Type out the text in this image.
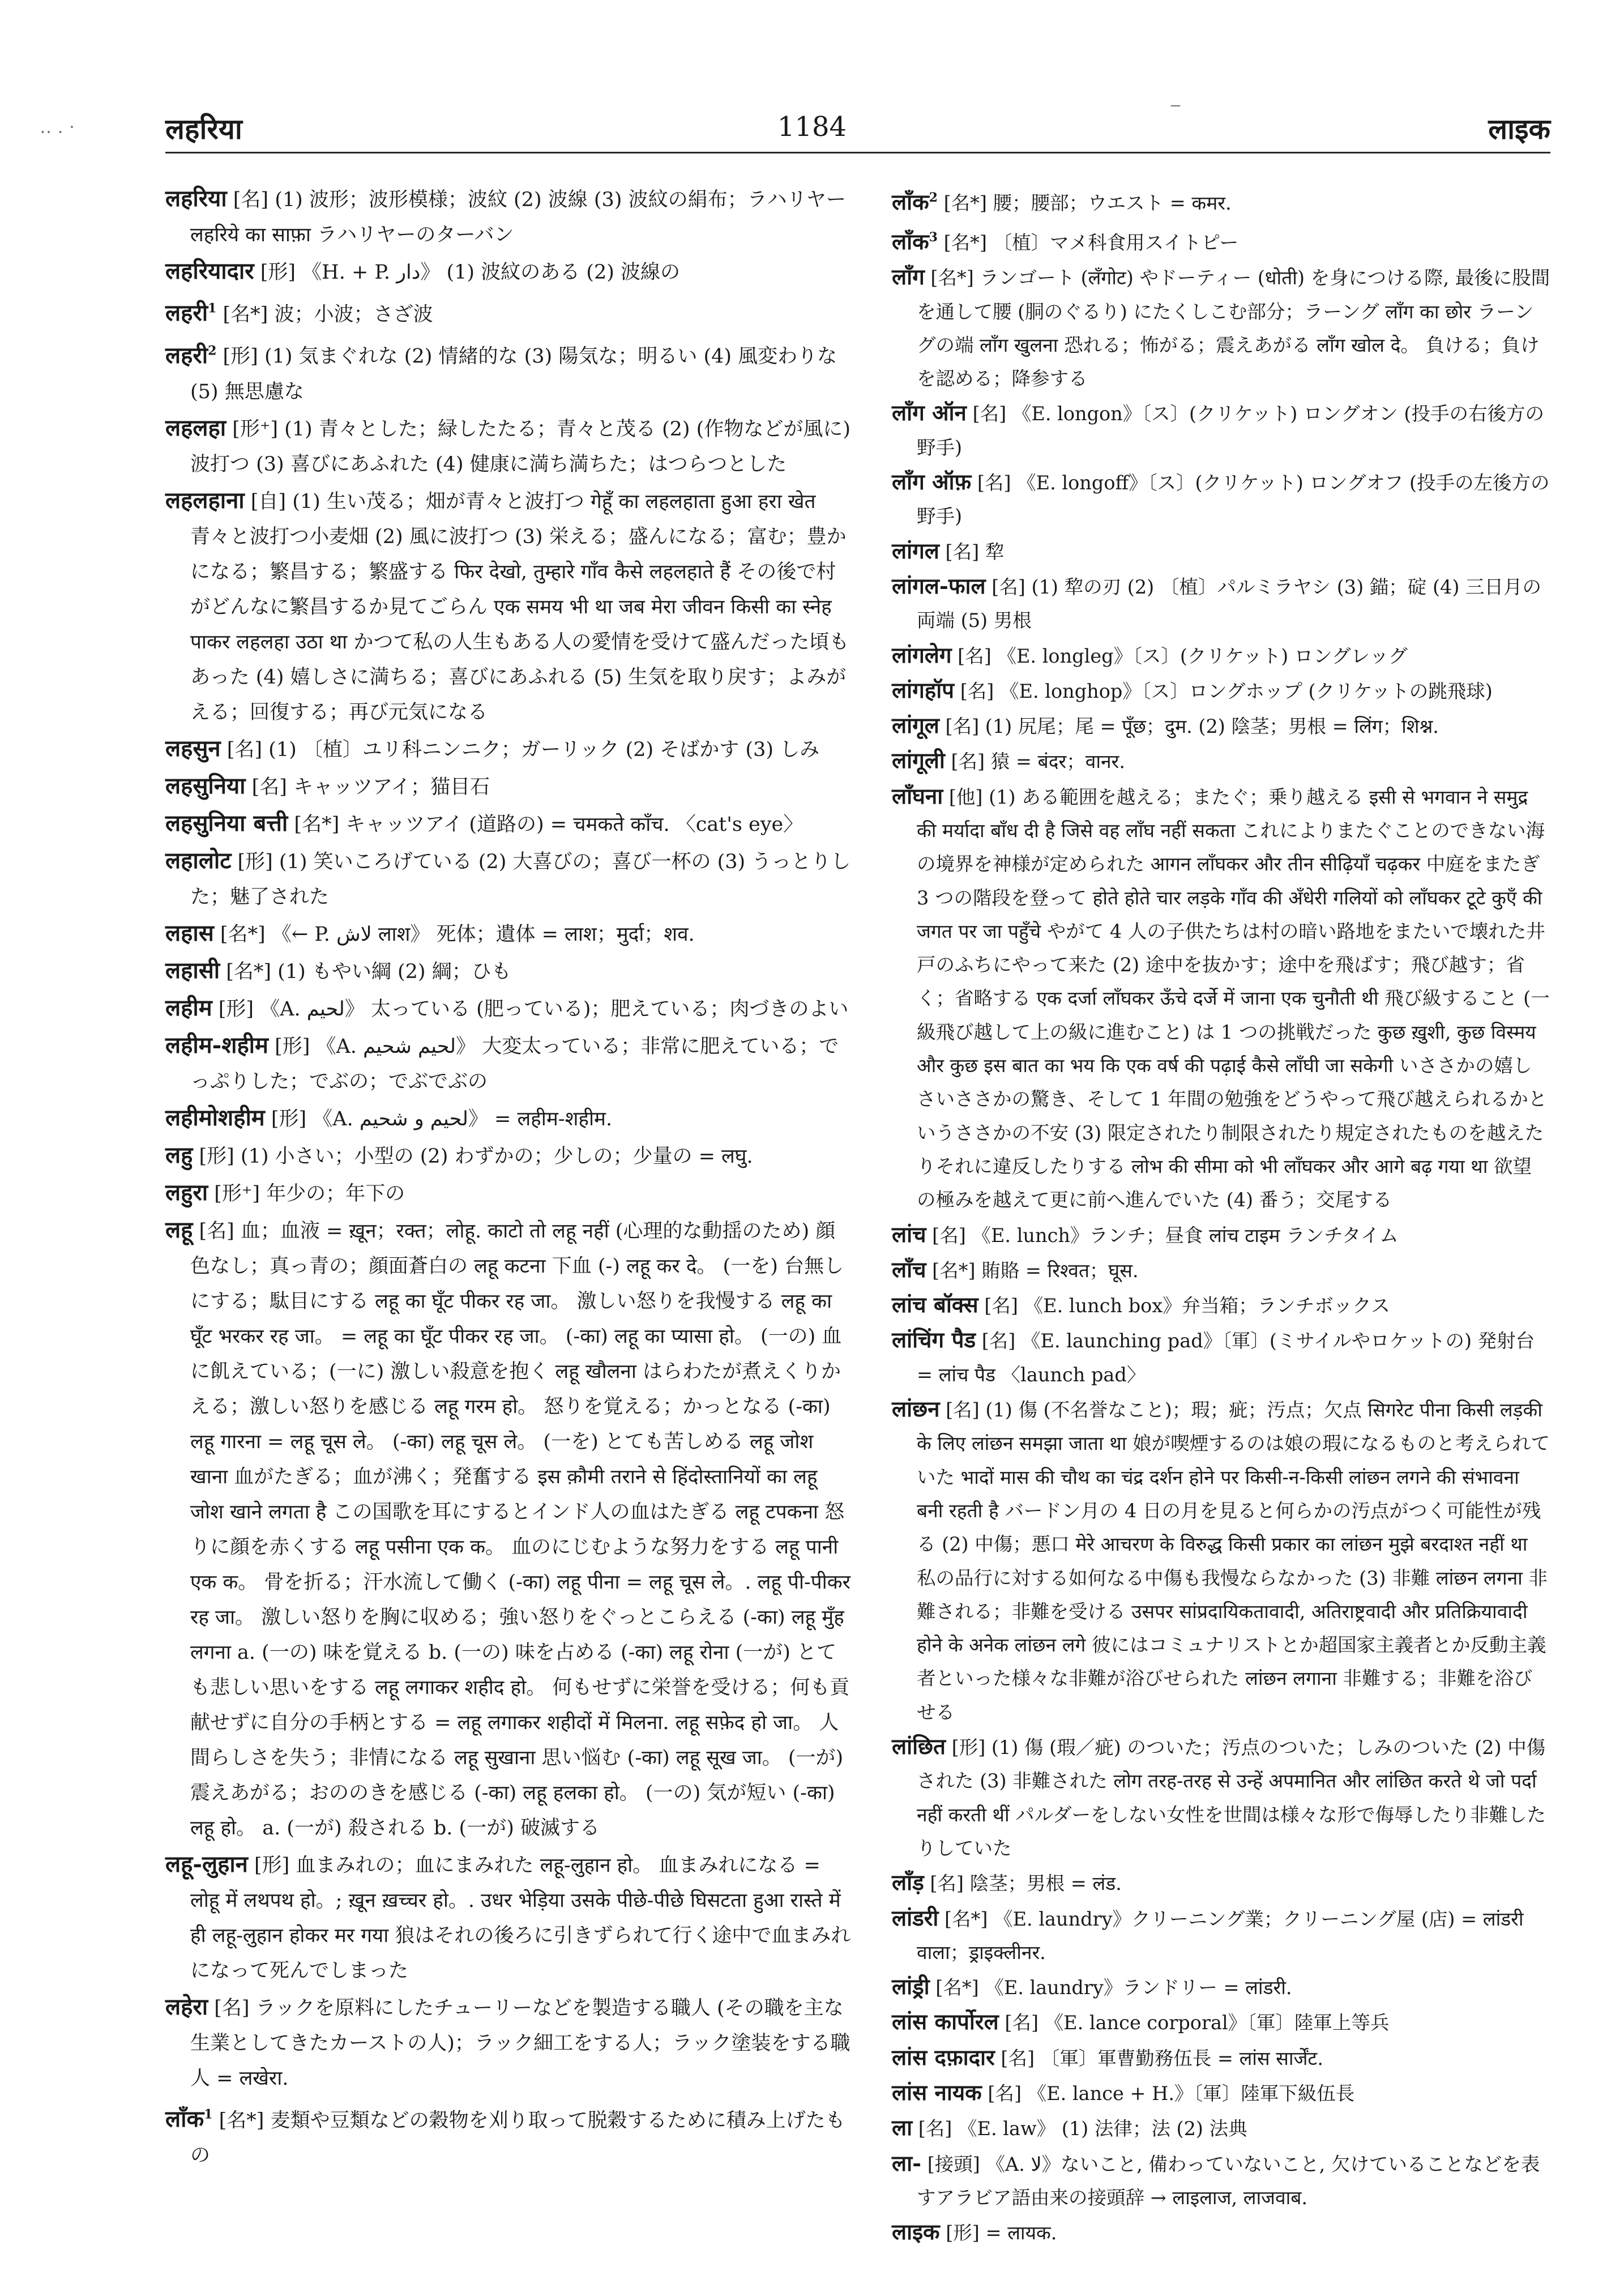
‥ . ·
‾
लहरिया	1184	लाइक

लहरिया [名] (1) 波形；波形模様；波紋 (2) 波線 (3) 波紋の絹布；ラハリヤー लहरिये का साफ़ा ラハリヤーのターバン

लहरियादार [形] 《H. + P. دار》 (1) 波紋のある (2) 波線の

लहरी$^1$ [名*] 波；小波；さざ波

लहरी$^2$ [形] (1) 気まぐれな (2) 情緒的な (3) 陽気な；明るい (4) 風変わりな (5) 無思慮な

लहलहा [形⁺] (1) 青々とした；緑したたる；青々と茂る (2) (作物などが風に) 波打つ (3) 喜びにあふれた (4) 健康に満ち満ちた；はつらつとした

लहलहाना [自] (1) 生い茂る；畑が青々と波打つ गेहूँ का लहलहाता हुआ हरा खेत 青々と波打つ小麦畑 (2) 風に波打つ (3) 栄える；盛んになる；富む；豊かになる；繁昌する；繁盛する फिर देखो, तुम्हारे गाँव कैसे लहलहाते हैं その後で村がどんなに繁昌するか見てごらん एक समय भी था जब मेरा जीवन किसी का स्नेह पाकर लहलहा उठा था かつて私の人生もある人の愛情を受けて盛んだった頃もあった (4) 嬉しさに満ちる；喜びにあふれる (5) 生気を取り戻す；よみがえる；回復する；再び元気になる

लहसुन [名] (1) 〔植〕ユリ科ニンニク；ガーリック (2) そばかす (3) しみ

लहसुनिया [名] キャッツアイ；猫目石

लहसुनिया बत्ती [名*] キャッツアイ (道路の) = चमकते काँच. 〈cat's eye〉

लहालोट [形] (1) 笑いころげている (2) 大喜びの；喜び一杯の (3) うっとりした；魅了された

लहास [名*] 《← P. لاش लाश》 死体；遺体 = लाश；मुर्दा；शव.

लहासी [名*] (1) もやい綱 (2) 綱；ひも

लहीम [形] 《A. لحیم》 太っている (肥っている)；肥えている；肉づきのよい

लहीम-शहीम [形] 《A. لحیم شحیم》 大変太っている；非常に肥えている；でっぷりした；でぶの；でぶでぶの

लहीमोशहीम [形] 《A. لحیم و شحیم》 = लहीम-शहीम.

लहु [形] (1) 小さい；小型の (2) わずかの；少しの；少量の = लघु.

लहुरा [形⁺] 年少の；年下の

लहू [名] 血；血液 = ख़ून；रक्त；लोहू. काटो तो लहू नहीं (心理的な動揺のため) 顔色なし；真っ青の；顔面蒼白の लहू कटना 下血 (-) लहू कर दे。 (一を) 台無しにする；駄目にする लहू का घूँट पीकर रह जा。 激しい怒りを我慢する लहू का घूँट भरकर रह जा。 = लहू का घूँट पीकर रह जा。 (-का) लहू का प्यासा हो。 (一の) 血に飢えている；(一に) 激しい殺意を抱く लहू खौलना はらわたが煮えくりかえる；激しい怒りを感じる लहू गरम हो。 怒りを覚える；かっとなる (-का) लहू गारना = लहू चूस ले。 (-का) लहू चूस ले。 (一を) とても苦しめる लहू जोश खाना 血がたぎる；血が沸く；発奮する इस क़ौमी तराने से हिंदोस्तानियों का लहू जोश खाने लगता है この国歌を耳にするとインド人の血はたぎる लहू टपकना 怒りに顔を赤くする लहू पसीना एक क。 血のにじむような努力をする लहू पानी एक क。 骨を折る；汗水流して働く (-का) लहू पीना = लहू चूस ले。. लहू पी-पीकर रह जा。 激しい怒りを胸に収める；強い怒りをぐっとこらえる (-का) लहू मुँह लगना a. (一の) 味を覚える b. (一の) 味を占める (-का) लहू रोना (一が) とても悲しい思いをする लहू लगाकर शहीद हो。 何もせずに栄誉を受ける；何も貢献せずに自分の手柄とする = लहू लगाकर शहीदों में मिलना. लहू सफ़ेद हो जा。 人間らしさを失う；非情になる लहू सुखाना 思い悩む (-का) लहू सूख जा。 (一が) 震えあがる；おののきを感じる (-का) लहू हलका हो。 (一の) 気が短い (-का) लहू हो。 a. (一が) 殺される b. (一が) 破滅する

लहू-लुहान [形] 血まみれの；血にまみれた लहू-लुहान हो。 血まみれになる = लोहू में लथपथ हो。; ख़ून ख़च्चर हो。. उधर भेड़िया उसके पीछे-पीछे घिसटता हुआ रास्ते में ही लहू-लुहान होकर मर गया 狼はそれの後ろに引きずられて行く途中で血まみれになって死んでしまった

लहेरा [名] ラックを原料にしたチューリーなどを製造する職人 (その職を主な生業としてきたカーストの人)；ラック細工をする人；ラック塗装をする職人 = लखेरा.

लाँक$^1$ [名*] 麦類や豆類などの穀物を刈り取って脱穀するために積み上げたもの

लाँक$^2$ [名*] 腰；腰部；ウエスト = कमर.

लाँक$^3$ [名*] 〔植〕マメ科食用スイトピー

लाँग [名*] ランゴート (लँगोट) やドーティー (धोती) を身につける際, 最後に股間を通して腰 (胴のぐるり) にたくしこむ部分；ラーング लाँग का छोर ラーングの端 लाँग खुलना 恐れる；怖がる；震えあがる लाँग खोल दे。 負ける；負けを認める；降参する

लाँग ऑन [名] 《E. longon》〔ス〕(クリケット) ロングオン (投手の右後方の野手)

लाँग ऑफ़ [名] 《E. longoff》〔ス〕(クリケット) ロングオフ (投手の左後方の野手)

लांगल [名] 犂

लांगल-फाल [名] (1) 犂の刃 (2) 〔植〕パルミラヤシ (3) 錨；碇 (4) 三日月の両端 (5) 男根

लांगलेग [名] 《E. longleg》〔ス〕(クリケット) ロングレッグ

लांगहॉप [名] 《E. longhop》〔ス〕ロングホップ (クリケットの跳飛球)

लांगूल [名] (1) 尻尾；尾 = पूँछ；दुम. (2) 陰茎；男根 = लिंग；शिश्न.

लांगूली [名] 猿 = बंदर；वानर.

लाँघना [他] (1) ある範囲を越える；またぐ；乗り越える इसी से भगवान ने समुद्र की मर्यादा बाँध दी है जिसे वह लाँघ नहीं सकता これによりまたぐことのできない海の境界を神様が定められた आगन लाँघकर और तीन सीढ़ियाँ चढ़कर 中庭をまたぎ 3 つの階段を登って होते होते चार लड़के गाँव की अँधेरी गलियों को लाँघकर टूटे कुएँ की जगत पर जा पहुँचे やがて 4 人の子供たちは村の暗い路地をまたいで壊れた井戸のふちにやって来た (2) 途中を抜かす；途中を飛ばす；飛び越す；省く；省略する एक दर्जा लाँघकर ऊँचे दर्जे में जाना एक चुनौती थी 飛び級すること (一級飛び越して上の級に進むこと) は 1 つの挑戦だった कुछ ख़ुशी, कुछ विस्मय और कुछ इस बात का भय कि एक वर्ष की पढ़ाई कैसे लाँघी जा सकेगी いささかの嬉しさいささかの驚き、そして 1 年間の勉強をどうやって飛び越えられるかというささかの不安 (3) 限定されたり制限されたり規定されたものを越えたりそれに違反したりする लोभ की सीमा को भी लाँघकर और आगे बढ़ गया था 欲望の極みを越えて更に前へ進んでいた (4) 番う；交尾する

लांच [名] 《E. lunch》ランチ；昼食 लांच टाइम ランチタイム

लाँच [名*] 賄賂 = रिश्वत；घूस.

लांच बॉक्स [名] 《E. lunch box》弁当箱；ランチボックス

लांचिंग पैड [名] 《E. launching pad》〔軍〕(ミサイルやロケットの) 発射台 = लांच पैड 〈launch pad〉

लांछन [名] (1) 傷 (不名誉なこと)；瑕；疵；汚点；欠点 सिगरेट पीना किसी लड़की के लिए लांछन समझा जाता था 娘が喫煙するのは娘の瑕になるものと考えられていた भादों मास की चौथ का चंद्र दर्शन होने पर किसी-न-किसी लांछन लगने की संभावना बनी रहती है バードン月の 4 日の月を見ると何らかの汚点がつく可能性が残る (2) 中傷；悪口 मेरे आचरण के विरुद्ध किसी प्रकार का लांछन मुझे बरदाश्त नहीं था 私の品行に対する如何なる中傷も我慢ならなかった (3) 非難 लांछन लगना 非難される；非難を受ける उसपर सांप्रदायिकतावादी, अतिराष्ट्रवादी और प्रतिक्रियावादी होने के अनेक लांछन लगे 彼にはコミュナリストとか超国家主義者とか反動主義者といった様々な非難が浴びせられた लांछन लगाना 非難する；非難を浴びせる

लांछित [形] (1) 傷 (瑕／疵) のついた；汚点のついた；しみのついた (2) 中傷された (3) 非難された लोग तरह-तरह से उन्हें अपमानित और लांछित करते थे जो पर्दा नहीं करती थीं パルダーをしない女性を世間は様々な形で侮辱したり非難したりしていた

लाँड़ [名] 陰茎；男根 = लंड.

लांडरी [名*] 《E. laundry》クリーニング業；クリーニング屋 (店) = लांडरी वाला；ड्राइक्लीनर.

लांड्री [名*] 《E. laundry》ランドリー = लांडरी.

लांस कार्पोरल [名] 《E. lance corporal》〔軍〕陸軍上等兵

लांस दफ़ादार [名] 〔軍〕軍曹勤務伍長 = लांस सार्जेंट.

लांस नायक [名] 《E. lance + H.》〔軍〕陸軍下級伍長

ला [名] 《E. law》 (1) 法律；法 (2) 法典

ला- [接頭] 《A. لا》ないこと, 備わっていないこと, 欠けていることなどを表すアラビア語由来の接頭辞 → लाइलाज, लाजवाब.

लाइक [形] = लायक.
